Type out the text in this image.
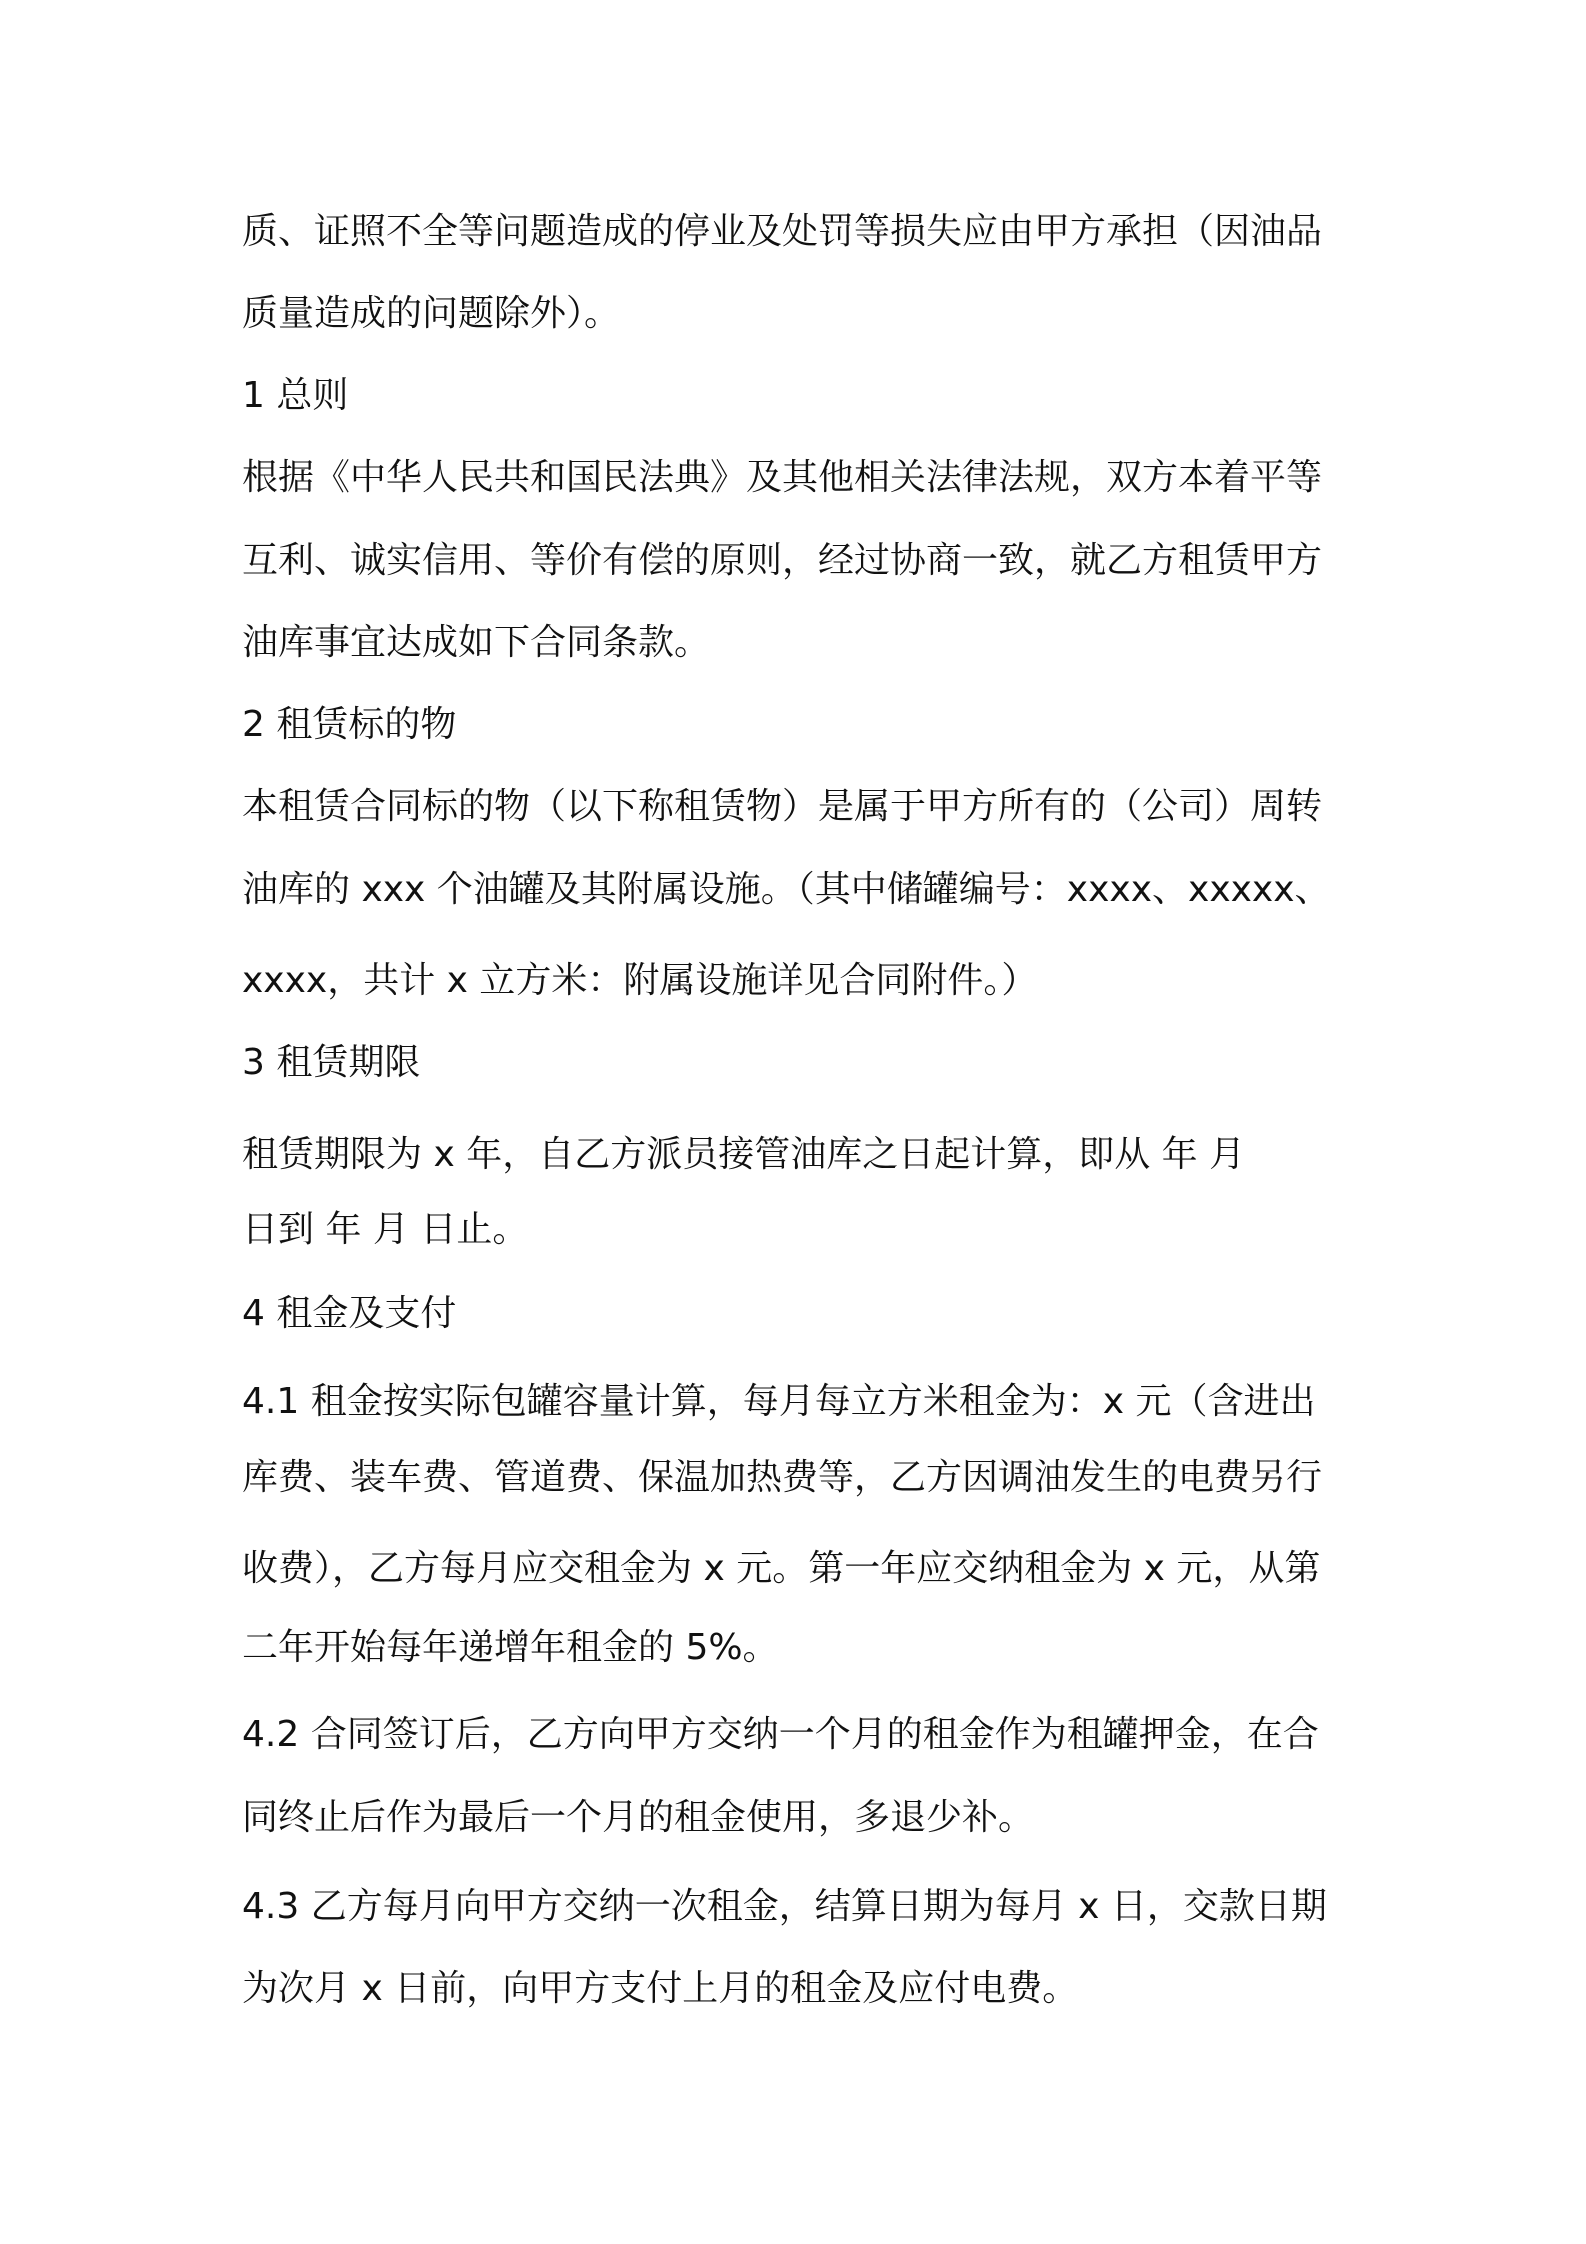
质、证照不全等问题造成的停业及处罚等损失应由甲方承担（因油品
质量造成的问题除外）。
1 总则
根据《中华人民共和国民法典》及其他相关法律法规，双方本着平等
互利、诚实信用、等价有偿的原则，经过协商一致，就乙方租赁甲方
油库事宜达成如下合同条款。
2 租赁标的物
本租赁合同标的物（以下称租赁物）是属于甲方所有的（公司）周转
油库的 xxx 个油罐及其附属设施。（其中储罐编号：xxxx、xxxxx、
xxxx，共计 x 立方米：附属设施详见合同附件。）
3 租赁期限
租赁期限为 x 年，自乙方派员接管油库之日起计算，即从 年 月
日到 年 月 日止。
4 租金及支付
4.1 租金按实际包罐容量计算，每月每立方米租金为：x 元（含进出
库费、装车费、管道费、保温加热费等，乙方因调油发生的电费另行
收费），乙方每月应交租金为 x 元。第一年应交纳租金为 x 元，从第
二年开始每年递增年租金的 5%。
4.2 合同签订后，乙方向甲方交纳一个月的租金作为租罐押金，在合
同终止后作为最后一个月的租金使用，多退少补。
4.3 乙方每月向甲方交纳一次租金，结算日期为每月 x 日，交款日期
为次月 x 日前，向甲方支付上月的租金及应付电费。
